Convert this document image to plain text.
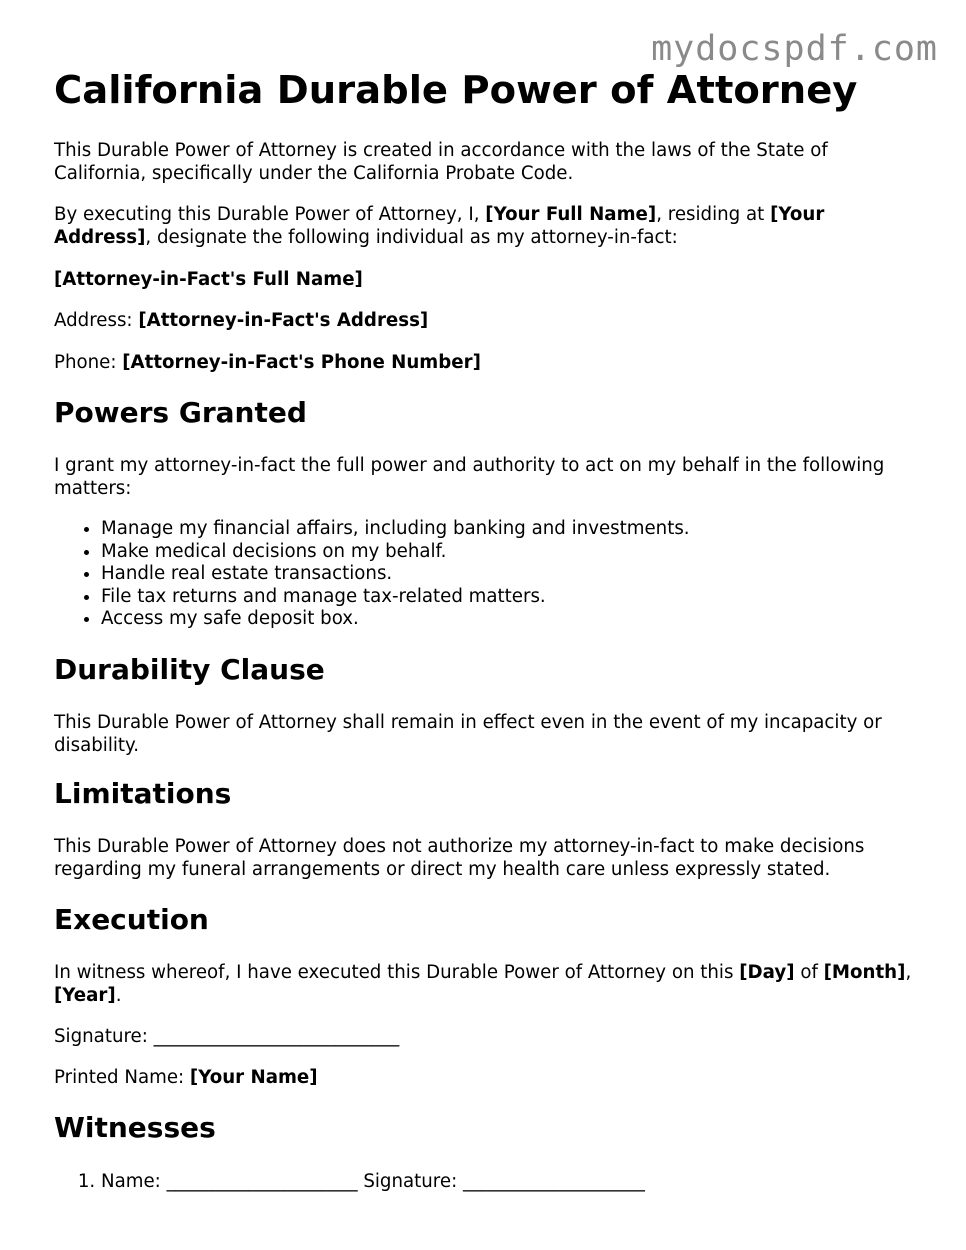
mydocspdf.com
California Durable Power of Attorney

This Durable Power of Attorney is created in accordance with the laws of the State of California, specifically under the California Probate Code.

By executing this Durable Power of Attorney, I, [Your Full Name], residing at [Your Address], designate the following individual as my attorney-in-fact:

[Attorney-in-Fact's Full Name]

Address: [Attorney-in-Fact's Address]

Phone: [Attorney-in-Fact's Phone Number]

Powers Granted

I grant my attorney-in-fact the full power and authority to act on my behalf in the following matters:

• Manage my financial affairs, including banking and investments.
• Make medical decisions on my behalf.
• Handle real estate transactions.
• File tax returns and manage tax-related matters.
• Access my safe deposit box.
Durability Clause

This Durable Power of Attorney shall remain in effect even in the event of my incapacity or disability.

Limitations

This Durable Power of Attorney does not authorize my attorney-in-fact to make decisions regarding my funeral arrangements or direct my health care unless expressly stated.

Execution

In witness whereof, I have executed this Durable Power of Attorney on this [Day] of [Month], [Year].

Signature: ___________________________

Printed Name: [Your Name]

Witnesses
1. Name: _____________________ Signature: ____________________
